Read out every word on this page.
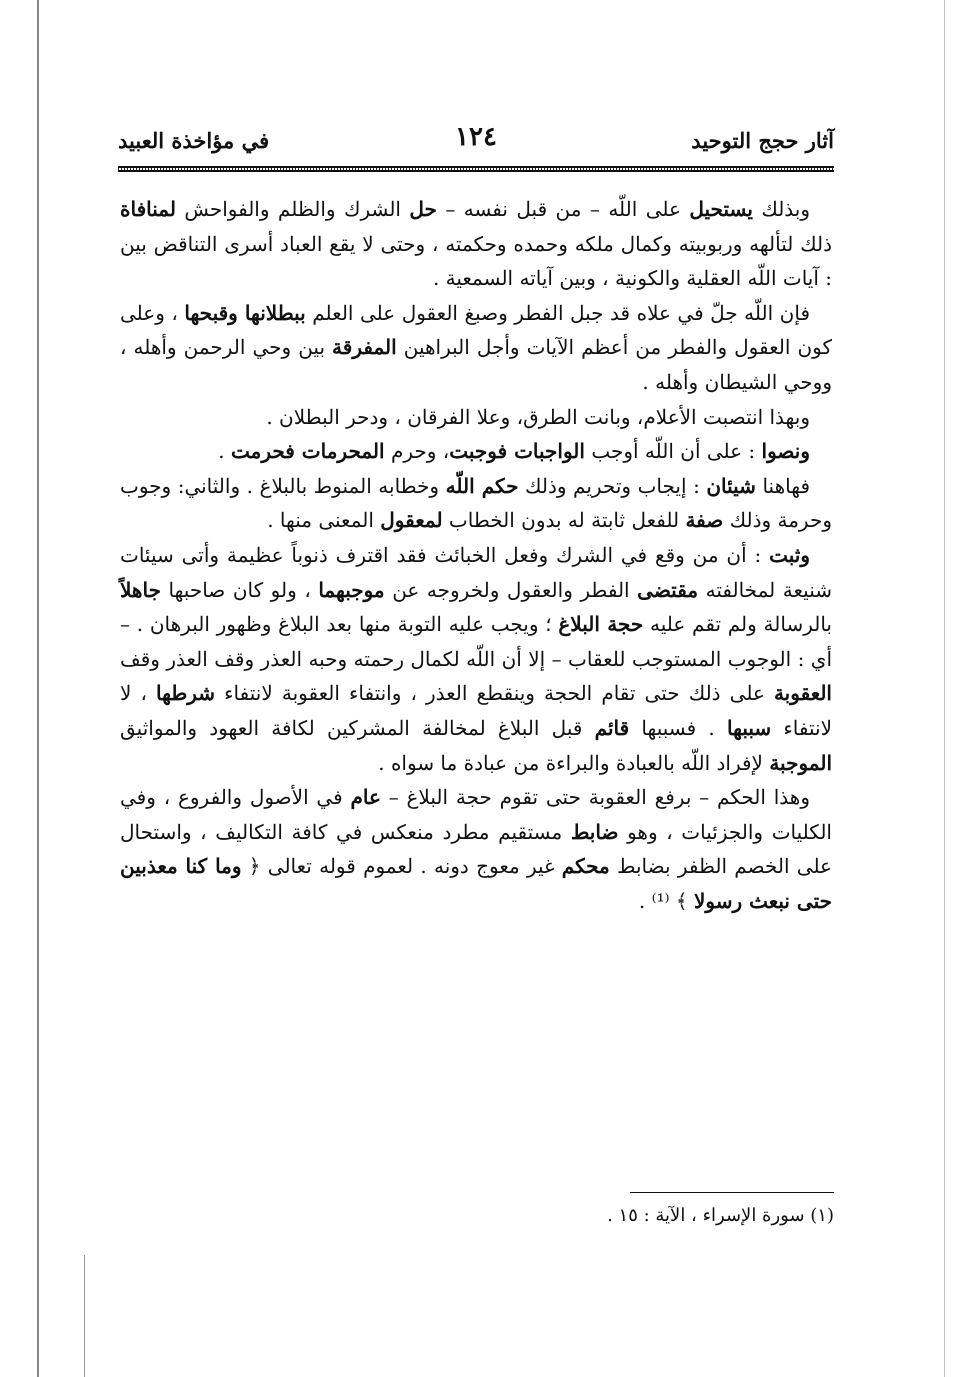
آثار حجج التوحيد
١٢٤
في مؤاخذة العبيد

وبذلك يستحيل على اللّه – من قبل نفسه – حل الشرك والظلم والفواحش لمنافاة ذلك لتألهه وربوبيته وكمال ملكه وحمده وحكمته ، وحتى لا يقع العباد أسرى التناقض بين : آيات اللّه العقلية والكونية ، وبين آياته السمعية .

فإن اللّه جلّ في علاه قد جبل الفطر وصبغ العقول على العلم ببطلانها وقبحها ، وعلى كون العقول والفطر من أعظم الآيات وأجل البراهين المفرقة بين وحي الرحمن وأهله ، ووحي الشيطان وأهله .

وبهذا انتصبت الأعلام، وبانت الطرق، وعلا الفرقان ، ودحر البطلان .

ونصوا : على أن اللّه أوجب الواجبات فوجبت، وحرم المحرمات فحرمت .

فهاهنا شيئان : إيجاب وتحريم وذلك حكم اللّه وخطابه المنوط بالبلاغ . والثاني: وجوب وحرمة وذلك صفة للفعل ثابتة له بدون الخطاب لمعقول المعنى منها .

وثبت : أن من وقع في الشرك وفعل الخبائث فقد اقترف ذنوباً عظيمة وأتى سيئات شنيعة لمخالفته مقتضى الفطر والعقول ولخروجه عن موجبهما ، ولو كان صاحبها جاهلاً بالرسالة ولم تقم عليه حجة البلاغ ؛ ويجب عليه التوبة منها بعد البلاغ وظهور البرهان . – أي : الوجوب المستوجب للعقاب – إلا أن اللّه لكمال رحمته وحبه العذر وقف العذر وقف العقوبة على ذلك حتى تقام الحجة وينقطع العذر ، وانتفاء العقوبة لانتفاء شرطها ، لا لانتفاء سببها . فسببها قائم قبل البلاغ لمخالفة المشركين لكافة العهود والمواثيق الموجبة لإفراد اللّه بالعبادة والبراءة من عبادة ما سواه .

وهذا الحكم – برفع العقوبة حتى تقوم حجة البلاغ – عام في الأصول والفروع ، وفي الكليات والجزئيات ، وهو ضابط مستقيم مطرد منعكس في كافة التكاليف ، واستحال على الخصم الظفر بضابط محكم غير معوج دونه . لعموم قوله تعالى ﴿ وما كنا معذبين حتى نبعث رسولا ﴾ ⁽¹⁾ .

(١) سورة الإسراء ، الآية : ١٥ .
